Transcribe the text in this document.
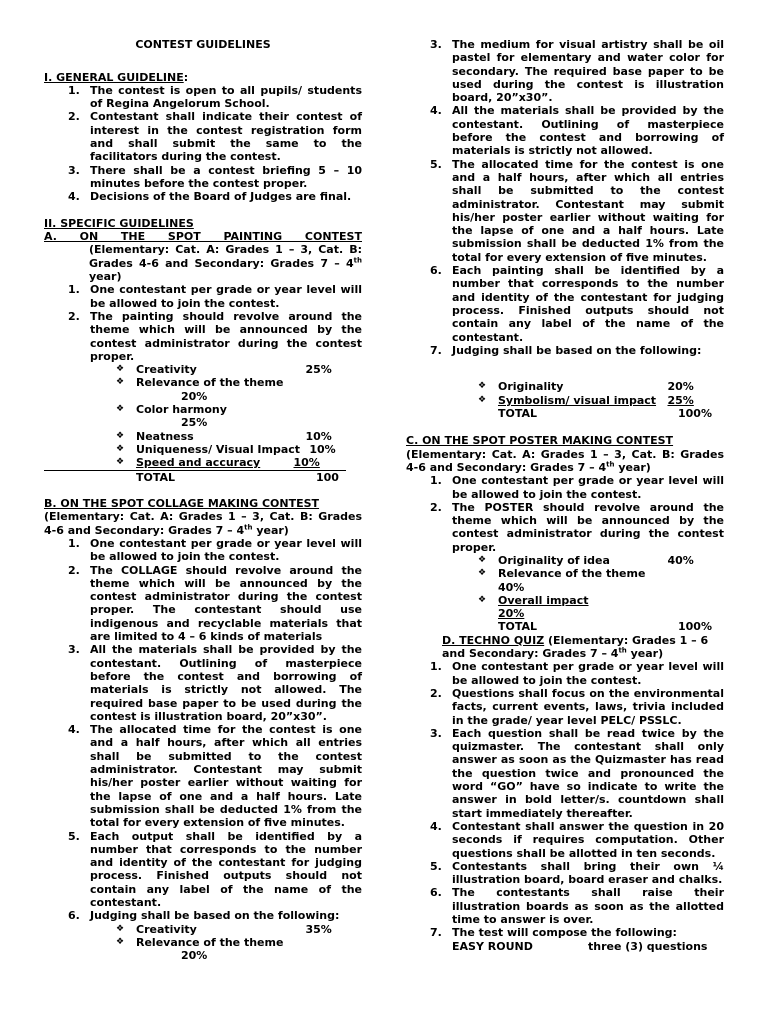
CONTEST GUIDELINES

I. GENERAL GUIDELINE:

1. The contest is open to all pupils/ students of Regina Angelorum School.
2. Contestant shall indicate their contest of interest in the contest registration form and shall submit the same to the facilitators during the contest.
3. There shall be a contest briefing 5 – 10 minutes before the contest proper.
4. Decisions of the Board of Judges are final.

II. SPECIFIC GUIDELINES

A.    ON    THE    SPOT    PAINTING    CONTEST

(Elementary: Cat. A: Grades 1 – 3, Cat. B: Grades 4-6 and Secondary: Grades 7 – 4th year)

1. One contestant per grade or year level will be allowed to join the contest.
2. The painting should revolve around the theme which will be announced by the contest administrator during the contest proper.
❖ Creativity	25%
❖ Relevance of the theme
20%
❖ Color harmony
25%
❖ Neatness	10%
❖ Uniqueness/ Visual Impact 10%
❖ Speed and accuracy	10%
TOTAL	100

B. ON THE SPOT COLLAGE MAKING CONTEST

(Elementary: Cat. A: Grades 1 – 3, Cat. B: Grades 4-6 and Secondary: Grades 7 – 4th year)

1. One contestant per grade or year level will be allowed to join the contest.
2. The COLLAGE should revolve around the theme which will be announced by the contest administrator during the contest proper. The contestant should use indigenous and recyclable materials that are limited to 4 – 6 kinds of materials
3. All the materials shall be provided by the contestant. Outlining of masterpiece before the contest and borrowing of materials is strictly not allowed. The required base paper to be used during the contest is illustration board, 20”x30”.
4. The allocated time for the contest is one and a half hours, after which all entries shall be submitted to the contest administrator. Contestant may submit his/her poster earlier without waiting for the lapse of one and a half hours. Late submission shall be deducted 1% from the total for every extension of five minutes.
5. Each output shall be identified by a number that corresponds to the number and identity of the contestant for judging process. Finished outputs should not contain any label of the name of the contestant.
6. Judging shall be based on the following:
❖ Creativity	35%
❖ Relevance of the theme
20%
3. The medium for visual artistry shall be oil pastel for elementary and water color for secondary. The required base paper to be used during the contest is illustration board, 20”x30”.
4. All the materials shall be provided by the contestant. Outlining of masterpiece before the contest and borrowing of materials is strictly not allowed.
5. The allocated time for the contest is one and a half hours, after which all entries shall be submitted to the contest administrator. Contestant may submit his/her poster earlier without waiting for the lapse of one and a half hours. Late submission shall be deducted 1% from the total for every extension of five minutes.
6. Each painting shall be identified by a number that corresponds to the number and identity of the contestant for judging process. Finished outputs should not contain any label of the name of the contestant.
7. Judging shall be based on the following:
❖ Originality	20%
❖ Symbolism/ visual impact	25%
TOTAL	100%

C. ON THE SPOT POSTER MAKING CONTEST

(Elementary: Cat. A: Grades 1 – 3, Cat. B: Grades 4-6 and Secondary: Grades 7 – 4th year)

1. One contestant per grade or year level will be allowed to join the contest.
2. The POSTER should revolve around the theme which will be announced by the contest administrator during the contest proper.
❖ Originality of idea	40%
❖ Relevance of the theme
40%
❖ Overall impact
20%
TOTAL	100%

D. TECHNO QUIZ (Elementary: Grades 1 – 6 and Secondary: Grades 7 – 4th year)

1. One contestant per grade or year level will be allowed to join the contest.
2. Questions shall focus on the environmental facts, current events, laws, trivia included in the grade/ year level PELC/ PSSLC.
3. Each question shall be read twice by the quizmaster. The contestant shall only answer as soon as the Quizmaster has read the question twice and pronounced the word “GO” have so indicate to write the answer in bold letter/s. countdown shall start immediately thereafter.
4. Contestant shall answer the question in 20 seconds if requires computation. Other questions shall be allotted in ten seconds.
5. Contestants shall bring their own ¼ illustration board, board eraser and chalks.
6. The contestants shall raise their illustration boards as soon as the allotted time to answer is over.
7. The test will compose the following:
EASY ROUND	three (3) questions
